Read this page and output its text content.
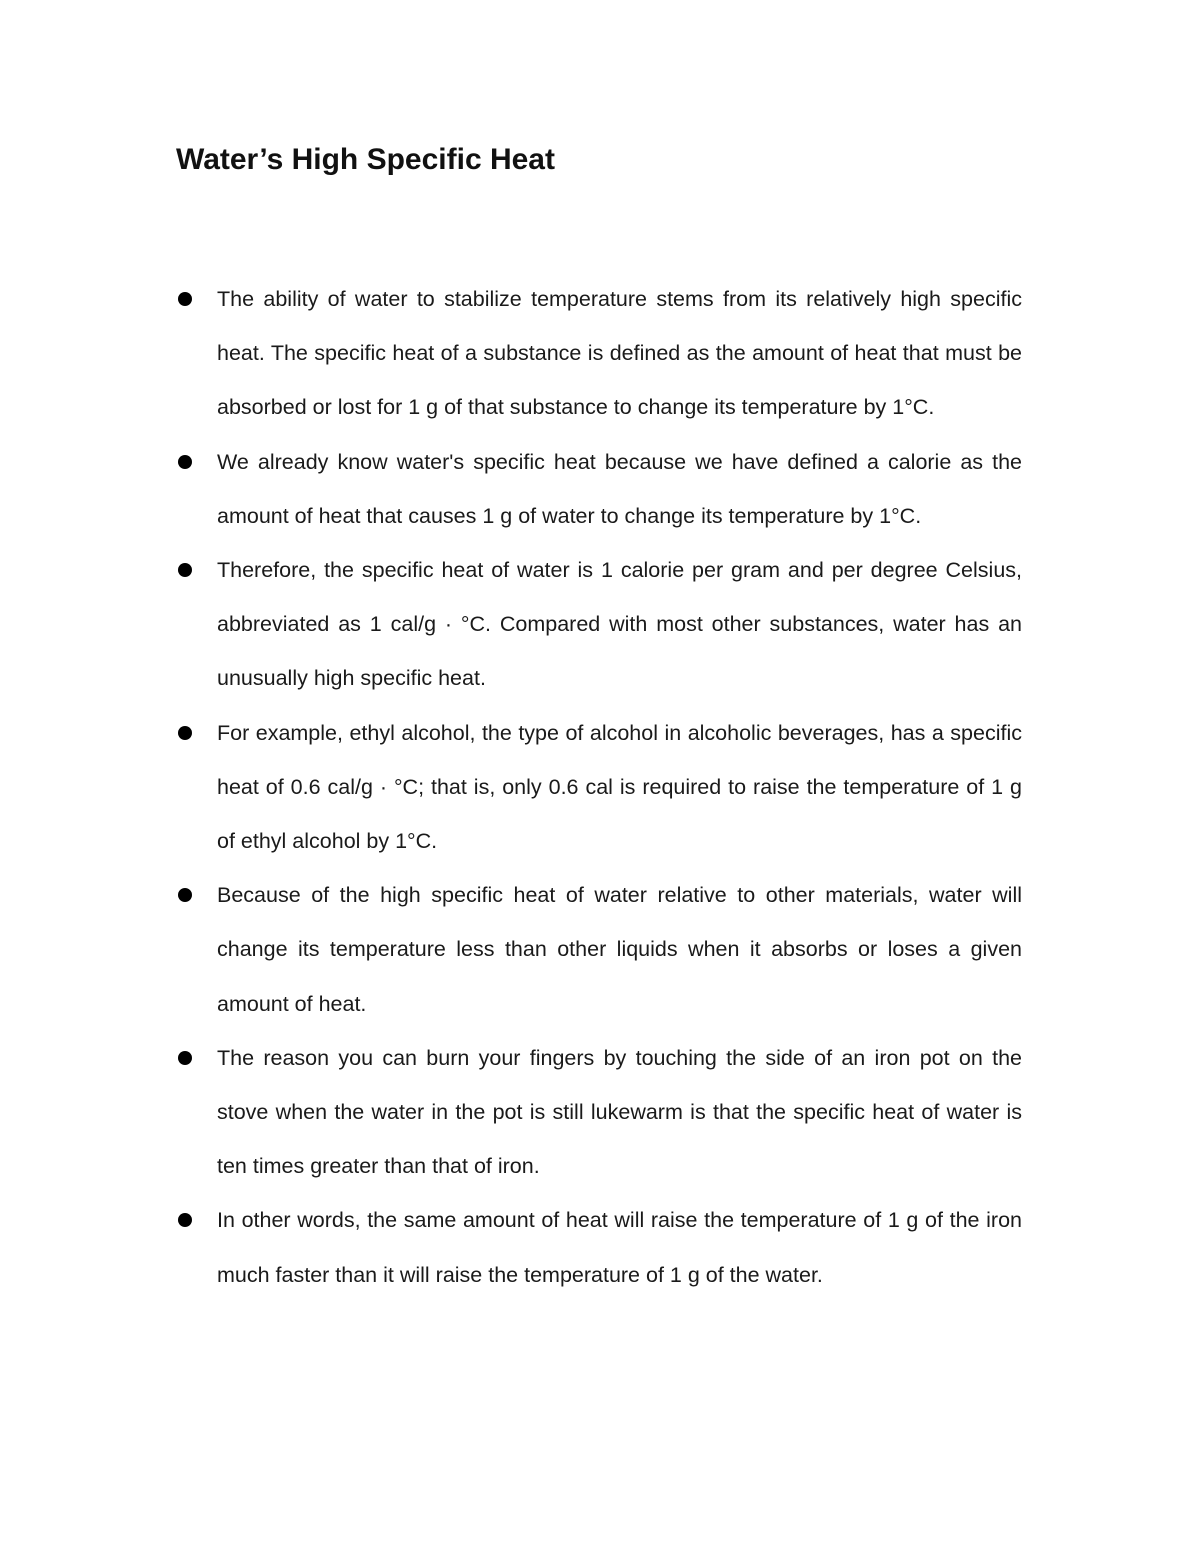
Water’s High Specific Heat
The ability of water to stabilize temperature stems from its relatively high specific heat. The specific heat of a substance is defined as the amount of heat that must be absorbed or lost for 1 g of that substance to change its temperature by 1°C.
We already know water's specific heat because we have defined a calorie as the amount of heat that causes 1 g of water to change its temperature by 1°C.
Therefore, the specific heat of water is 1 calorie per gram and per degree Celsius, abbreviated as 1 cal/g · °C. Compared with most other substances, water has an unusually high specific heat.
For example, ethyl alcohol, the type of alcohol in alcoholic beverages, has a specific heat of 0.6 cal/g · °C; that is, only 0.6 cal is required to raise the temperature of 1 g of ethyl alcohol by 1°C.
Because of the high specific heat of water relative to other materials, water will change its temperature less than other liquids when it absorbs or loses a given amount of heat.
The reason you can burn your fingers by touching the side of an iron pot on the stove when the water in the pot is still lukewarm is that the specific heat of water is ten times greater than that of iron.
In other words, the same amount of heat will raise the temperature of 1 g of the iron much faster than it will raise the temperature of 1 g of the water.
